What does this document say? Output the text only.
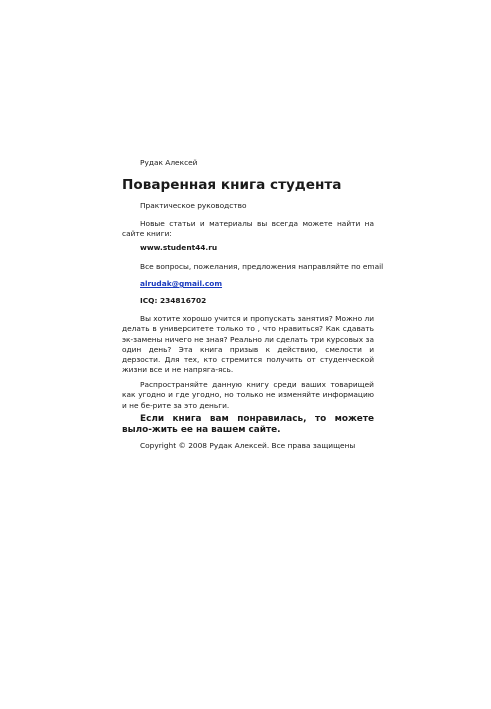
Рудак Алексей
Поваренная книга студента
Практическое руководство
Новые статьи и материалы вы всегда можете найти на сайте книги:
www.student44.ru
Все вопросы, пожелания, предложения направляйте по email
alrudak@gmail.com
ICQ: 234816702
Вы хотите хорошо учится и пропускать занятия? Можно ли делать в университете только то , что нравиться? Как сдавать эк-замены ничего не зная? Реально ли сделать три курсовых за один день? Эта книга призыв к действию, смелости и дерзости. Для тех, кто стремится получить от студенческой жизни все и не напряга-ясь.
Распространяйте данную книгу среди ваших товарищей как угодно и где угодно, но только не изменяйте информацию и не бе-рите за это деньги.
Если книга вам понравилась, то можете выло-жить ее на вашем сайте.
Copyright © 2008 Рудак Алексей. Все права защищены
